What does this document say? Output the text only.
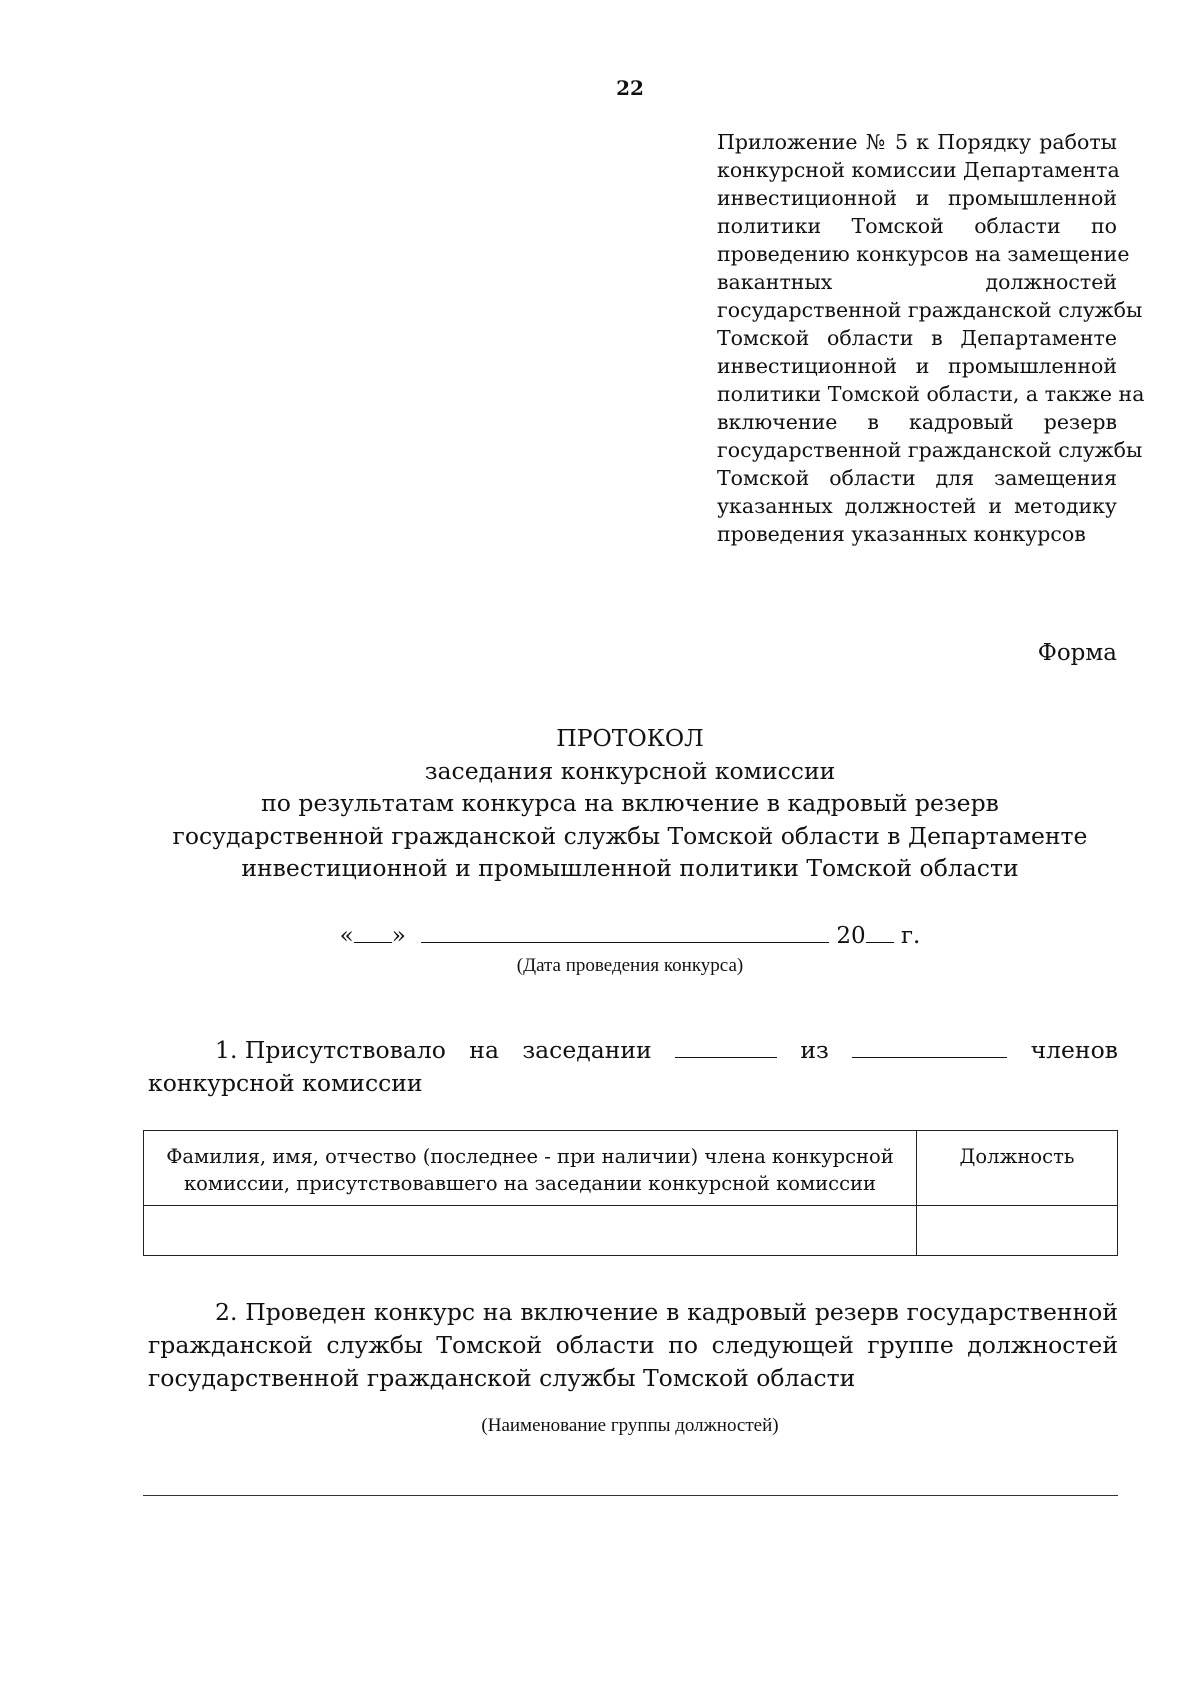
22
Приложение № 5 к Порядку работы
конкурсной комиссии Департамента
инвестиционной и промышленной
политики Томской области по
проведению конкурсов на замещение
вакантных должностей
государственной гражданской службы
Томской области в Департаменте
инвестиционной и промышленной
политики Томской области, а также на
включение в кадровый резерв
государственной гражданской службы
Томской области для замещения
указанных должностей и методику
проведения указанных конкурсов
Форма
ПРОТОКОЛ
заседания конкурсной комиссии
по результатам конкурса на включение в кадровый резерв
государственной гражданской службы Томской области в Департаменте
инвестиционной и промышленной политики Томской области
« »	20 г.
(Дата проведения конкурса)
1. Присутствовало на заседании	из	членов
конкурсной комиссии
Фамилия, имя, отчество (последнее - при наличии) члена конкурсной комиссии, присутствовавшего на заседании конкурсной комиссии	Должность

2. Проведен конкурс на включение в кадровый резерв государственной
гражданской службы Томской области по следующей группе должностей
государственной гражданской службы Томской области
(Наименование группы должностей)
